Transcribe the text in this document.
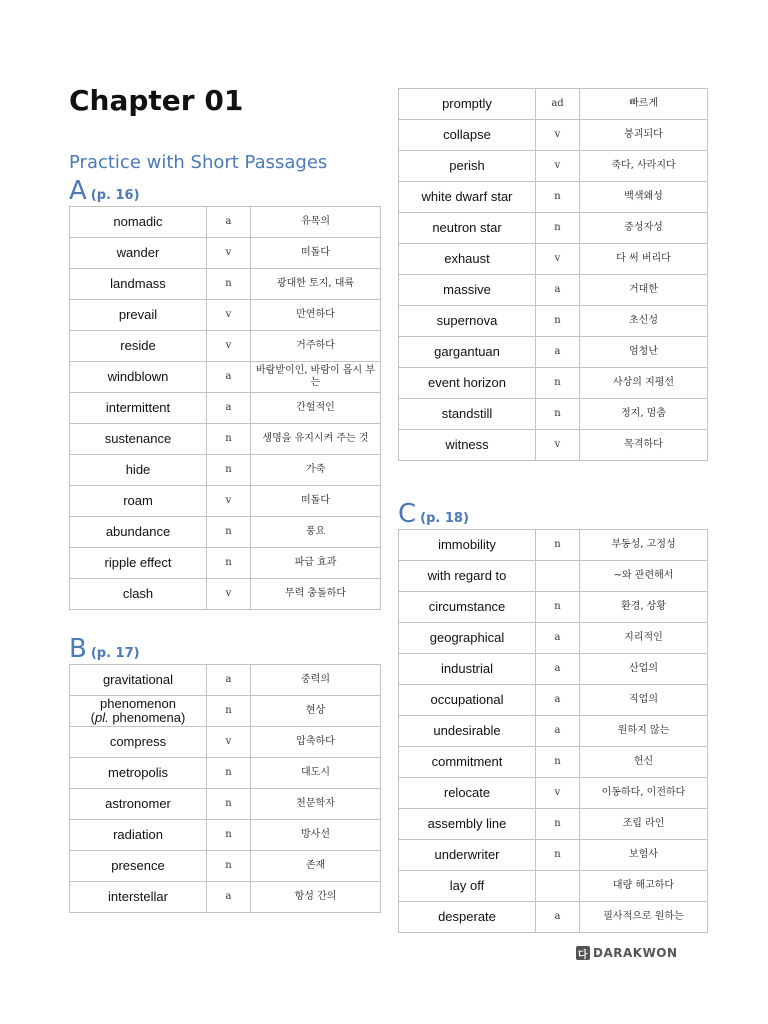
Chapter 01
Practice with Short Passages
A (p. 16)
nomadic	a	유목의
wander	v	떠돌다
landmass	n	광대한 토지, 대륙
prevail	v	만연하다
reside	v	거주하다
windblown	a	바람받이인, 바람이 몹시 부는
intermittent	a	간헐적인
sustenance	n	생명을 유지시켜 주는 것
hide	n	가죽
roam	v	떠돌다
abundance	n	풍요
ripple effect	n	파급 효과
clash	v	무력 충돌하다
B (p. 17)
gravitational	a	중력의
phenomenon
(pl. phenomena)	n	현상
compress	v	압축하다
metropolis	n	대도시
astronomer	n	천문학자
radiation	n	방사선
presence	n	존재
interstellar	a	항성 간의
promptly	ad	빠르게
collapse	v	붕괴되다
perish	v	죽다, 사라지다
white dwarf star	n	백색왜성
neutron star	n	중성자성
exhaust	v	다 써 버리다
massive	a	거대한
supernova	n	초신성
gargantuan	a	엄청난
event horizon	n	사상의 지평선
standstill	n	정지, 멈춤
witness	v	목격하다
C (p. 18)
immobility	n	부동성, 고정성
with regard to		~와 관련해서
circumstance	n	환경, 상황
geographical	a	지리적인
industrial	a	산업의
occupational	a	직업의
undesirable	a	원하지 않는
commitment	n	헌신
relocate	v	이동하다, 이전하다
assembly line	n	조립 라인
underwriter	n	보험사
lay off		대량 해고하다
desperate	a	필사적으로 원하는
다 DARAKWON
